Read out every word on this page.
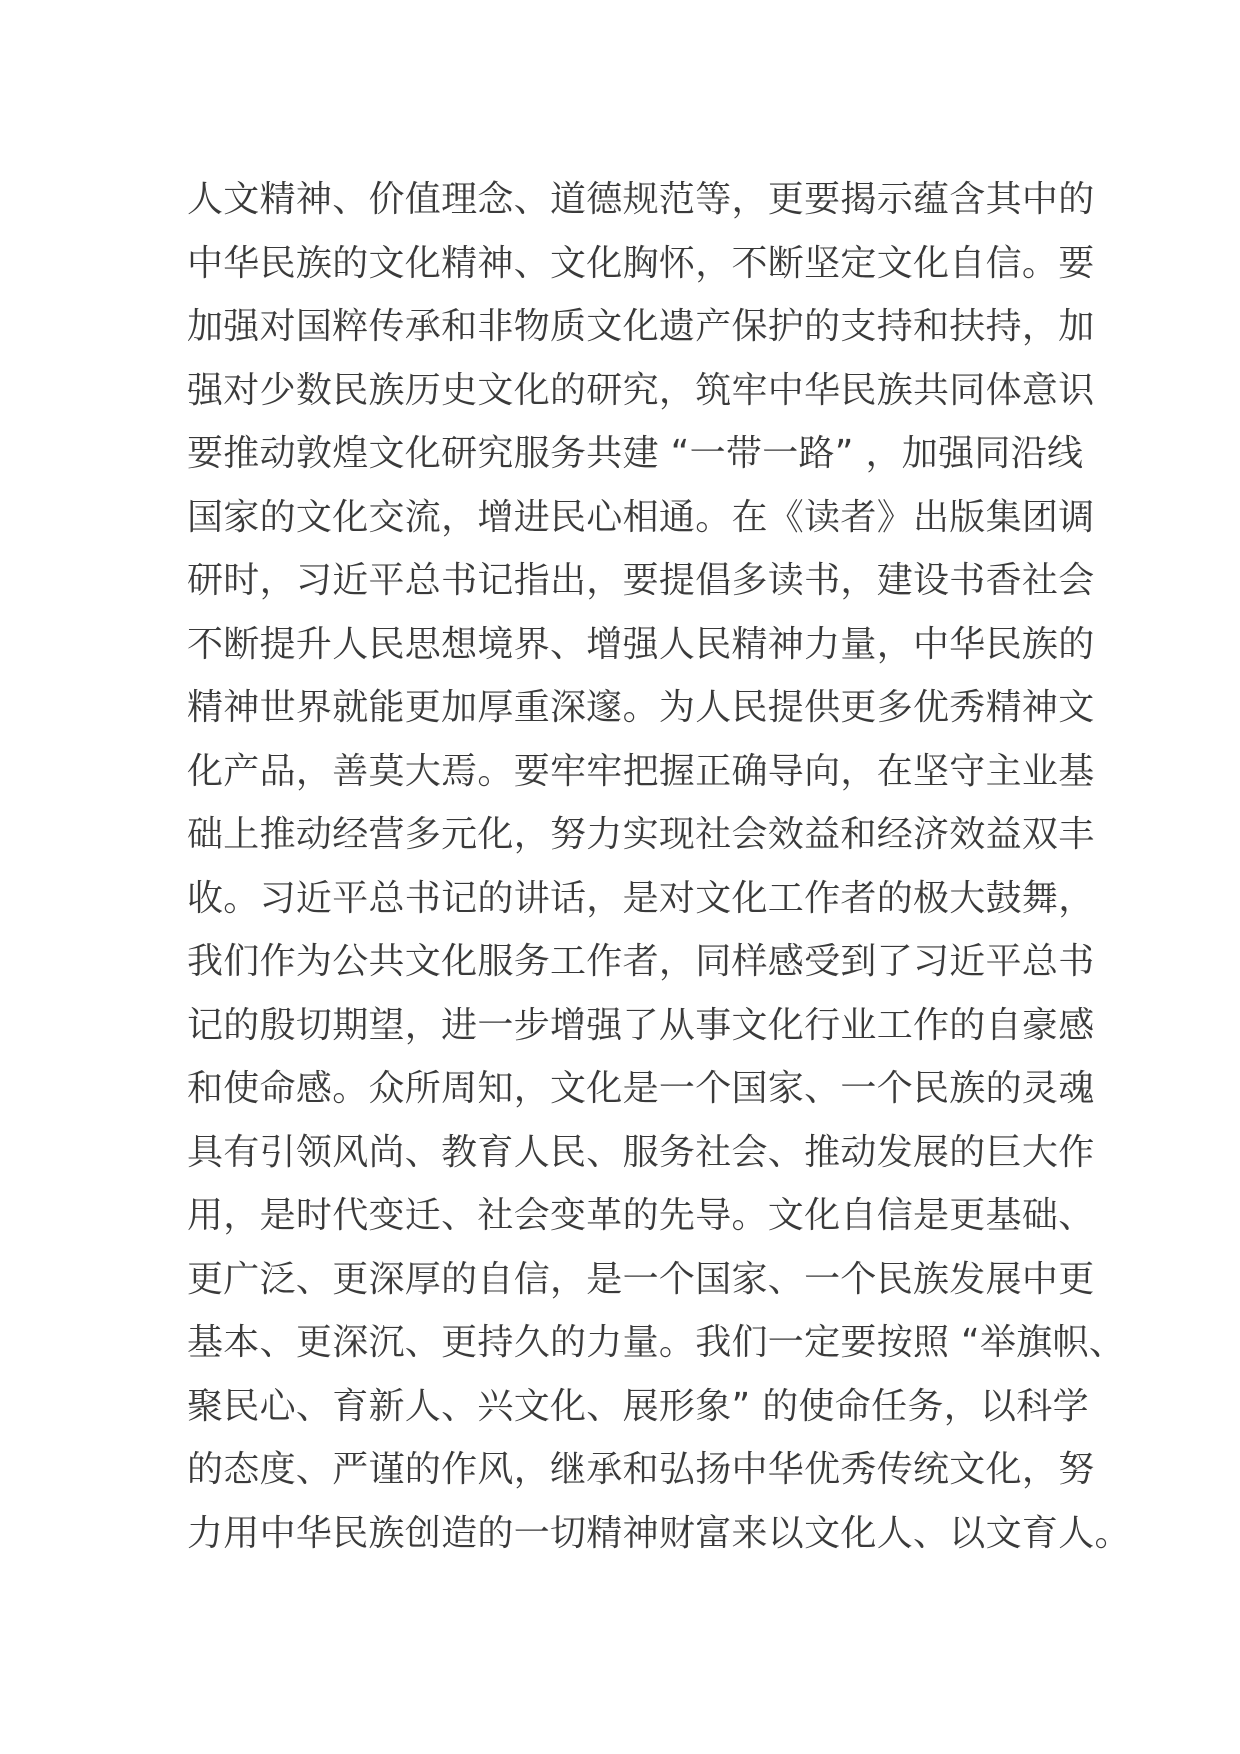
人文精神、价值理念、道德规范等，更要揭示蕴含其中的
中华民族的文化精神、文化胸怀，不断坚定文化自信。要
加强对国粹传承和非物质文化遗产保护的支持和扶持，加
强对少数民族历史文化的研究，筑牢中华民族共同体意识
要推动敦煌文化研究服务共建 “一带一路” ，加强同沿线
国家的文化交流，增进民心相通。在《读者》出版集团调
研时，习近平总书记指出，要提倡多读书，建设书香社会
不断提升人民思想境界、增强人民精神力量，中华民族的
精神世界就能更加厚重深邃。为人民提供更多优秀精神文
化产品，善莫大焉。要牢牢把握正确导向，在坚守主业基
础上推动经营多元化，努力实现社会效益和经济效益双丰
收。习近平总书记的讲话，是对文化工作者的极大鼓舞，
我们作为公共文化服务工作者，同样感受到了习近平总书
记的殷切期望，进一步增强了从事文化行业工作的自豪感
和使命感。众所周知，文化是一个国家、一个民族的灵魂
具有引领风尚、教育人民、服务社会、推动发展的巨大作
用，是时代变迁、社会变革的先导。文化自信是更基础、
更广泛、更深厚的自信，是一个国家、一个民族发展中更
基本、更深沉、更持久的力量。我们一定要按照 “举旗帜、
聚民心、育新人、兴文化、展形象” 的使命任务，以科学
的态度、严谨的作风，继承和弘扬中华优秀传统文化，努
力用中华民族创造的一切精神财富来以文化人、以文育人。
